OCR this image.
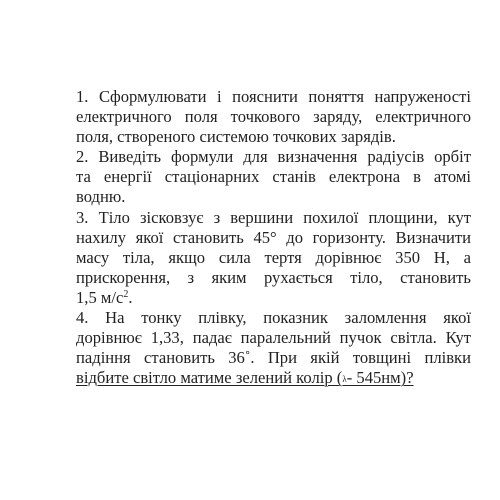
1. Сформулювати і пояснити поняття напруженості
електричного поля точкового заряду, електричного
поля, створеного системою точкових зарядів.
2. Виведіть формули для визначення радіусів орбіт
та енергії стаціонарних станів електрона в атомі
водню.
3. Тіло зісковзує з вершини похилої площини, кут
нахилу якої становить 45° до горизонту. Визначити
масу тіла, якщо сила тертя дорівнює 350 Н, а
прискорення, з яким рухається тіло, становить
1,5 $м/с^2$.
4. На тонку плівку, показник заломлення якої
дорівнює 1,33, падає паралельний пучок світла. Кут
падіння становить 36˚. При якій товщині плівки
відбите світло матиме зелений колір (λ- 545нм)?
